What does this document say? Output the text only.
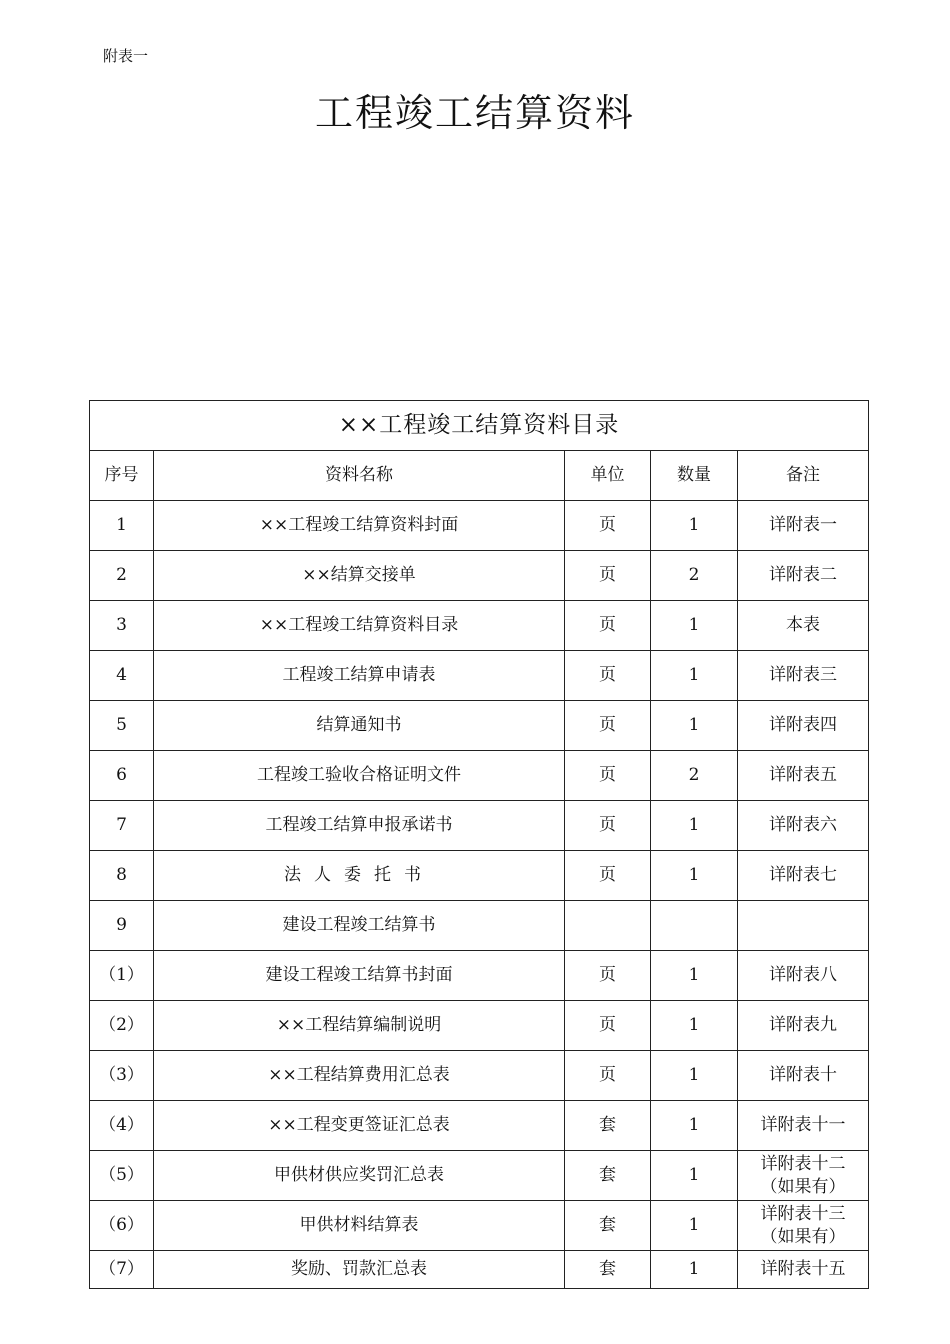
附表一
工程竣工结算资料
××工程竣工结算资料目录				
序号	资料名称	单位	数量	备注
1	××工程竣工结算资料封面	页	1	详附表一

2	××结算交接单	页	2	详附表二

3	××工程竣工结算资料目录	页	1	本表

4	工程竣工结算申请表	页	1	详附表三

5	结算通知书	页	1	详附表四

6	工程竣工验收合格证明文件	页	2	详附表五

7	工程竣工结算申报承诺书	页	1	详附表六

8	法人委托书	页	1	详附表七

9	建设工程竣工结算书			

（1）	建设工程竣工结算书封面	页	1	详附表八

（2）	××工程结算编制说明	页	1	详附表九

（3）	××工程结算费用汇总表	页	1	详附表十

（4）	××工程变更签证汇总表	套	1	详附表十一

（5）	甲供材供应奖罚汇总表	套	1	详附表十二
（如果有）

（6）	甲供材料结算表	套	1	详附表十三
（如果有）

（7）	奖励、罚款汇总表	套	1	详附表十五
